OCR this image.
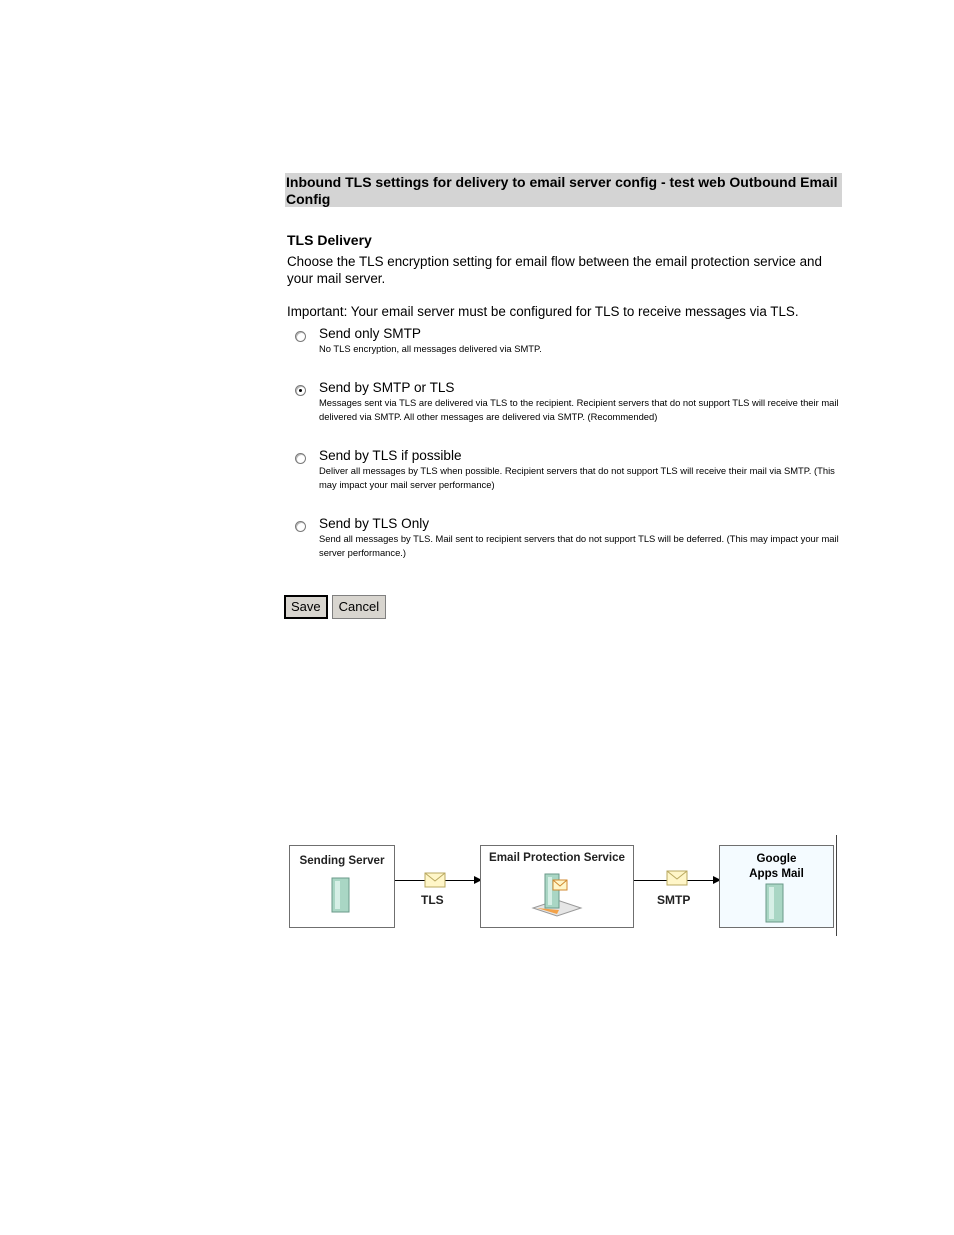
Inbound TLS settings for delivery to email server config - test web Outbound Email
Config
TLS Delivery
Choose the TLS encryption setting for email flow between the email protection service and your mail server.
Important: Your email server must be configured for TLS to receive messages via TLS.
Send only SMTP
No TLS encryption, all messages delivered via SMTP.
Send by SMTP or TLS
Messages sent via TLS are delivered via TLS to the recipient. Recipient servers that do not support TLS will receive their mail delivered via SMTP. All other messages are delivered via SMTP. (Recommended)
Send by TLS if possible
Deliver all messages by TLS when possible. Recipient servers that do not support TLS will receive their mail via SMTP. (This may impact your mail server performance)
Send by TLS Only
Send all messages by TLS. Mail sent to recipient servers that do not support TLS will be deferred. (This may impact your mail server performance.)
Save Cancel
Sending Server
TLS
Email Protection Service
SMTP
Google
Apps Mail
